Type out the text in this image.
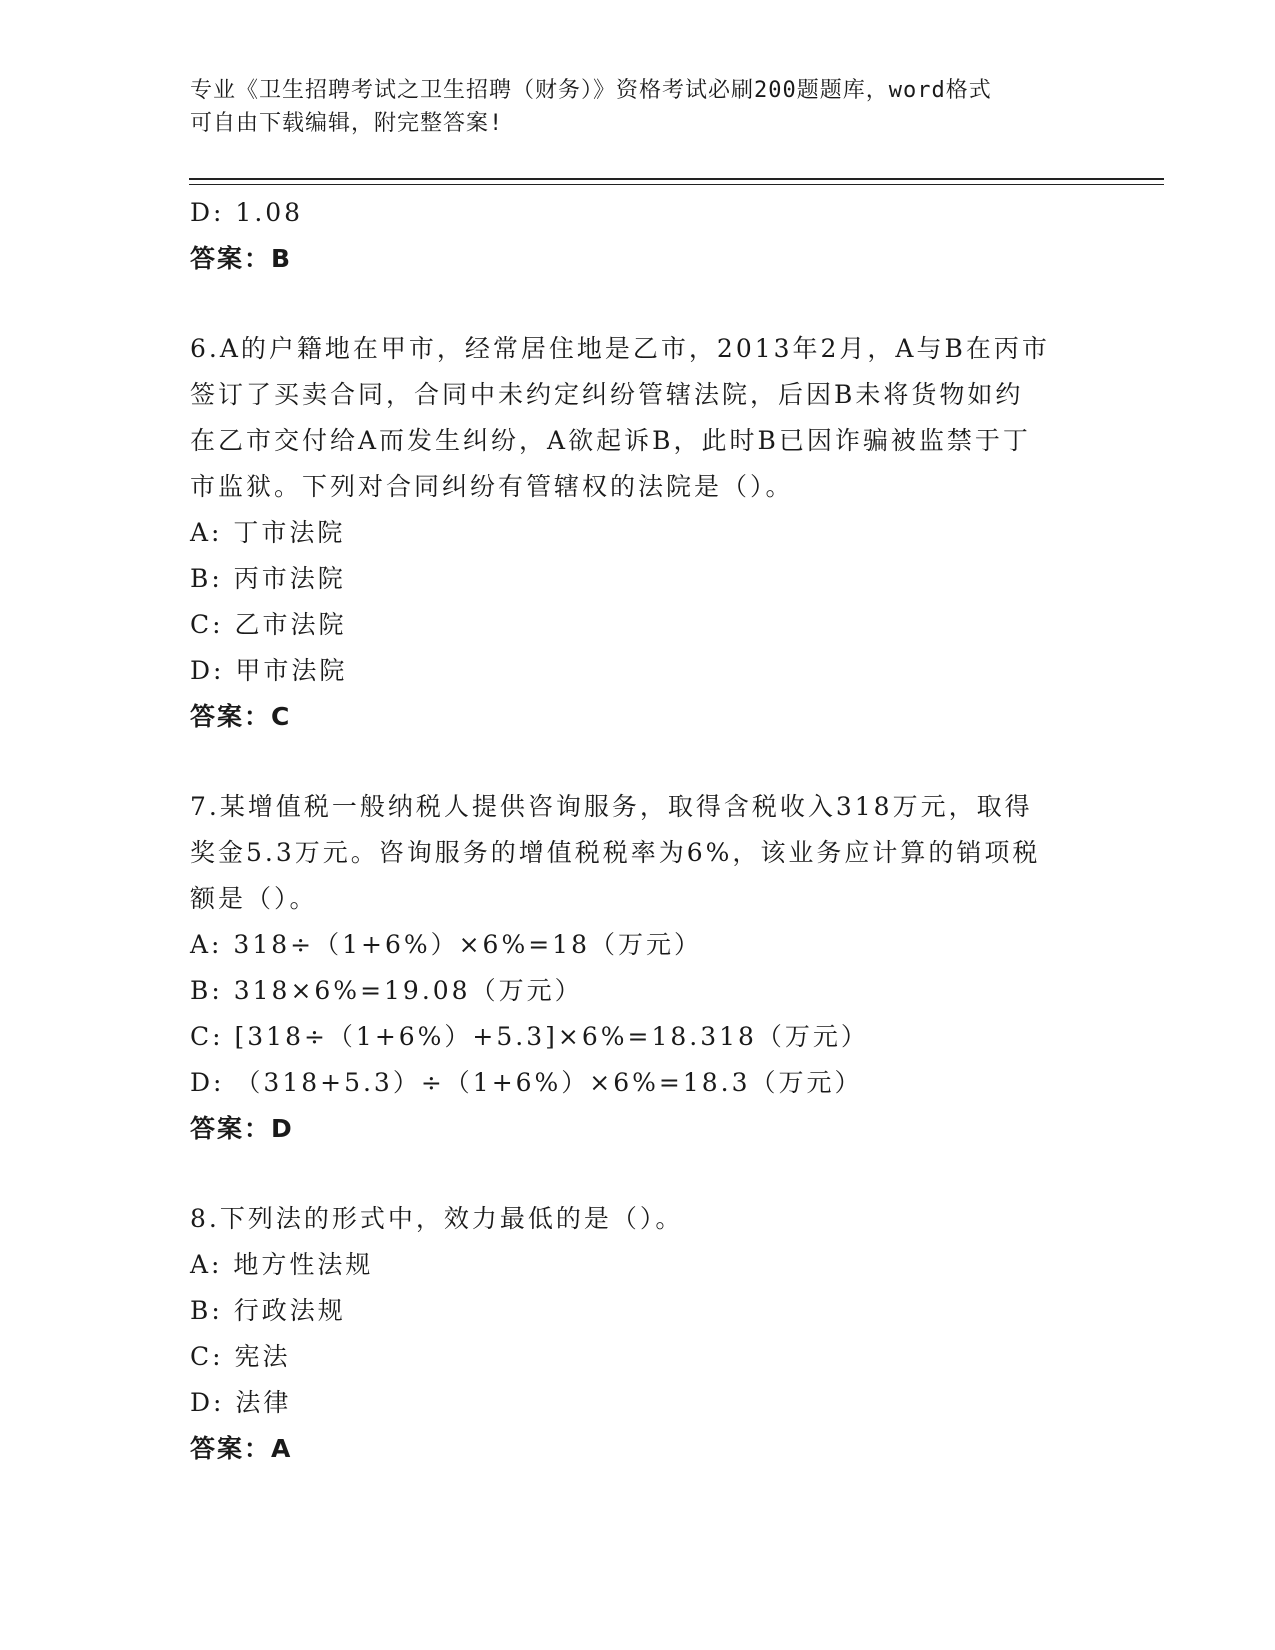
专业《卫生招聘考试之卫生招聘（财务）》资格考试必刷200题题库，word格式
可自由下载编辑，附完整答案!
D: 1.08
答案：B
6.A的户籍地在甲市，经常居住地是乙市，2013年2月，A与B在丙市
签订了买卖合同，合同中未约定纠纷管辖法院，后因B未将货物如约
在乙市交付给A而发生纠纷，A欲起诉B，此时B已因诈骗被监禁于丁
市监狱。下列对合同纠纷有管辖权的法院是（）。
A: 丁市法院
B: 丙市法院
C: 乙市法院
D: 甲市法院
答案：C
7.某增值税一般纳税人提供咨询服务，取得含税收入318万元，取得
奖金5.3万元。咨询服务的增值税税率为6%，该业务应计算的销项税
额是（）。
A: 318÷（1+6%）×6%=18（万元）
B: 318×6%=19.08（万元）
C: [318÷（1+6%）+5.3]×6%=18.318（万元）
D: （318+5.3）÷（1+6%）×6%=18.3（万元）
答案：D
8.下列法的形式中，效力最低的是（）。
A: 地方性法规
B: 行政法规
C: 宪法
D: 法律
答案：A
